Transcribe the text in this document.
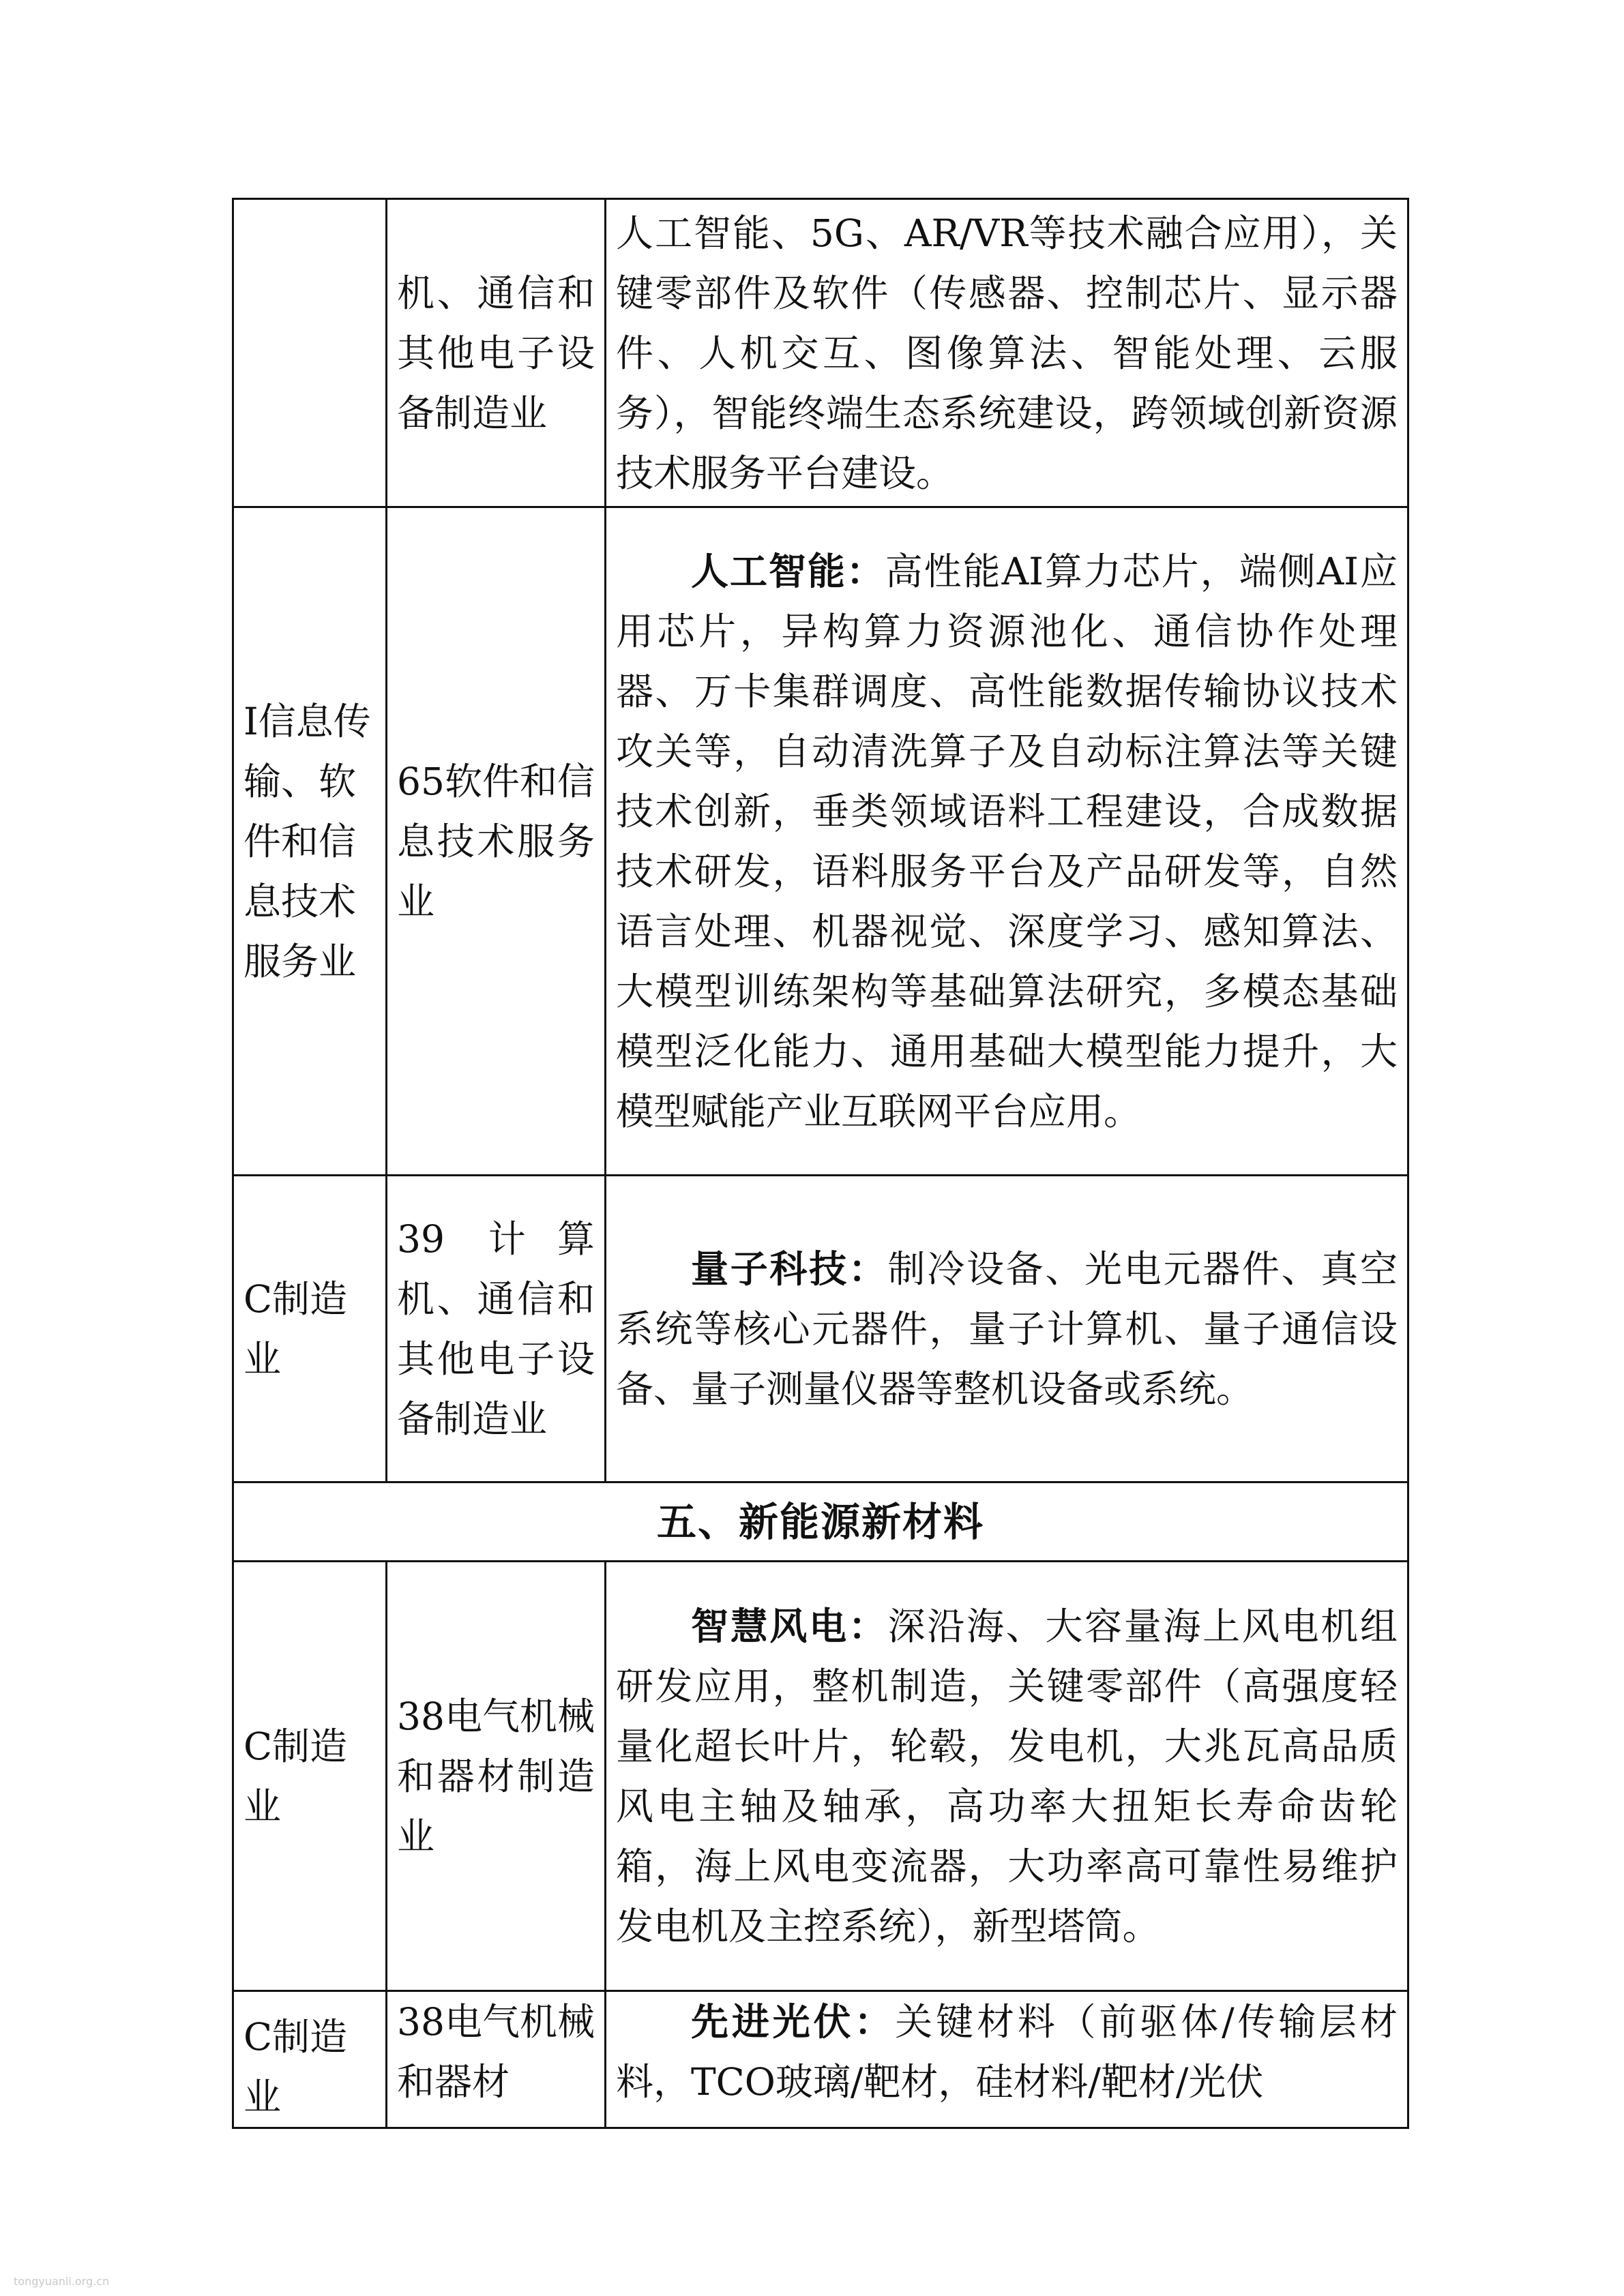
	机、通信和其他电子设备制造业	人工智能、5G、AR/VR等技术融合应用），关键零部件及软件（传感器、控制芯片、显示器件、人机交互、图像算法、智能处理、云服务），智能终端生态系统建设，跨领域创新资源技术服务平台建设。

I信息传输、软件和信息技术服务业	65软件和信息技术服务业	人工智能：高性能AI算力芯片，端侧AI应用芯片，异构算力资源池化、通信协作处理器、万卡集群调度、高性能数据传输协议技术攻关等，自动清洗算子及自动标注算法等关键技术创新，垂类领域语料工程建设，合成数据技术研发，语料服务平台及产品研发等，自然语言处理、机器视觉、深度学习、感知算法、大模型训练架构等基础算法研究，多模态基础模型泛化能力、通用基础大模型能力提升，大模型赋能产业互联网平台应用。

C制造业	39 计算机、通信和其他电子设备制造业	量子科技：制冷设备、光电元器件、真空系统等核心元器件，量子计算机、量子通信设备、量子测量仪器等整机设备或系统。

五、新能源新材料		
C制造业	38电气机械和器材制造业	智慧风电：深沿海、大容量海上风电机组研发应用，整机制造，关键零部件（高强度轻量化超长叶片，轮毂，发电机，大兆瓦高品质风电主轴及轴承，高功率大扭矩长寿命齿轮箱，海上风电变流器，大功率高可靠性易维护发电机及主控系统），新型塔筒。

C制造业	38电气机械和器材	先进光伏：关键材料（前驱体/传输层材料，TCO玻璃/靶材，硅材料/靶材/光伏
tongyuanli.org.cn
